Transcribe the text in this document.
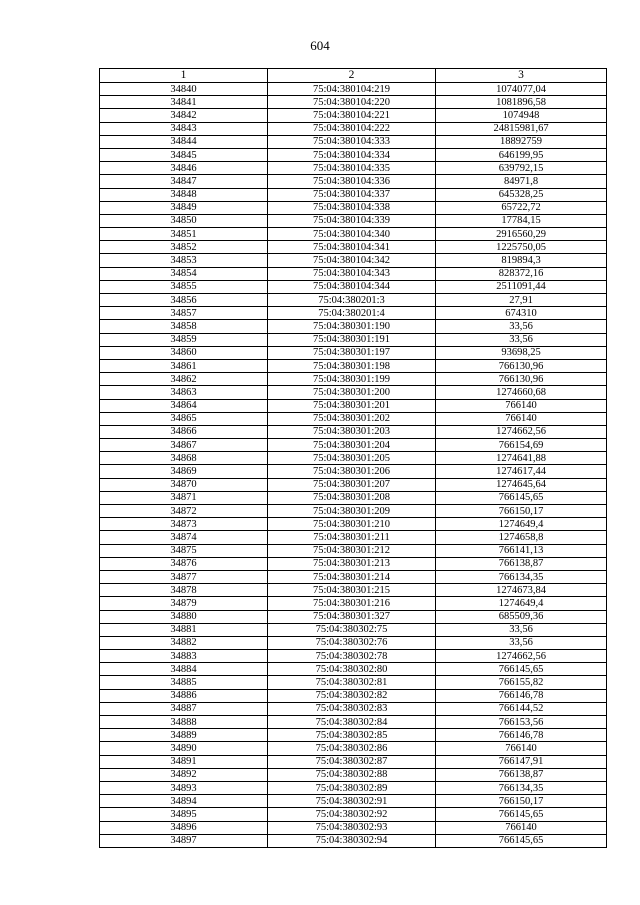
604
1	2	3
34840	75:04:380104:219	1074077,04
34841	75:04:380104:220	1081896,58
34842	75:04:380104:221	1074948
34843	75:04:380104:222	24815981,67
34844	75:04:380104:333	18892759
34845	75:04:380104:334	646199,95
34846	75:04:380104:335	639792,15
34847	75:04:380104:336	84971,8
34848	75:04:380104:337	645328,25
34849	75:04:380104:338	65722,72
34850	75:04:380104:339	17784,15
34851	75:04:380104:340	2916560,29
34852	75:04:380104:341	1225750,05
34853	75:04:380104:342	819894,3
34854	75:04:380104:343	828372,16
34855	75:04:380104:344	2511091,44
34856	75:04:380201:3	27,91
34857	75:04:380201:4	674310
34858	75:04:380301:190	33,56
34859	75:04:380301:191	33,56
34860	75:04:380301:197	93698,25
34861	75:04:380301:198	766130,96
34862	75:04:380301:199	766130,96
34863	75:04:380301:200	1274660,68
34864	75:04:380301:201	766140
34865	75:04:380301:202	766140
34866	75:04:380301:203	1274662,56
34867	75:04:380301:204	766154,69
34868	75:04:380301:205	1274641,88
34869	75:04:380301:206	1274617,44
34870	75:04:380301:207	1274645,64
34871	75:04:380301:208	766145,65
34872	75:04:380301:209	766150,17
34873	75:04:380301:210	1274649,4
34874	75:04:380301:211	1274658,8
34875	75:04:380301:212	766141,13
34876	75:04:380301:213	766138,87
34877	75:04:380301:214	766134,35
34878	75:04:380301:215	1274673,84
34879	75:04:380301:216	1274649,4
34880	75:04:380301:327	685509,36
34881	75:04:380302:75	33,56
34882	75:04:380302:76	33,56
34883	75:04:380302:78	1274662,56
34884	75:04:380302:80	766145,65
34885	75:04:380302:81	766155,82
34886	75:04:380302:82	766146,78
34887	75:04:380302:83	766144,52
34888	75:04:380302:84	766153,56
34889	75:04:380302:85	766146,78
34890	75:04:380302:86	766140
34891	75:04:380302:87	766147,91
34892	75:04:380302:88	766138,87
34893	75:04:380302:89	766134,35
34894	75:04:380302:91	766150,17
34895	75:04:380302:92	766145,65
34896	75:04:380302:93	766140
34897	75:04:380302:94	766145,65
